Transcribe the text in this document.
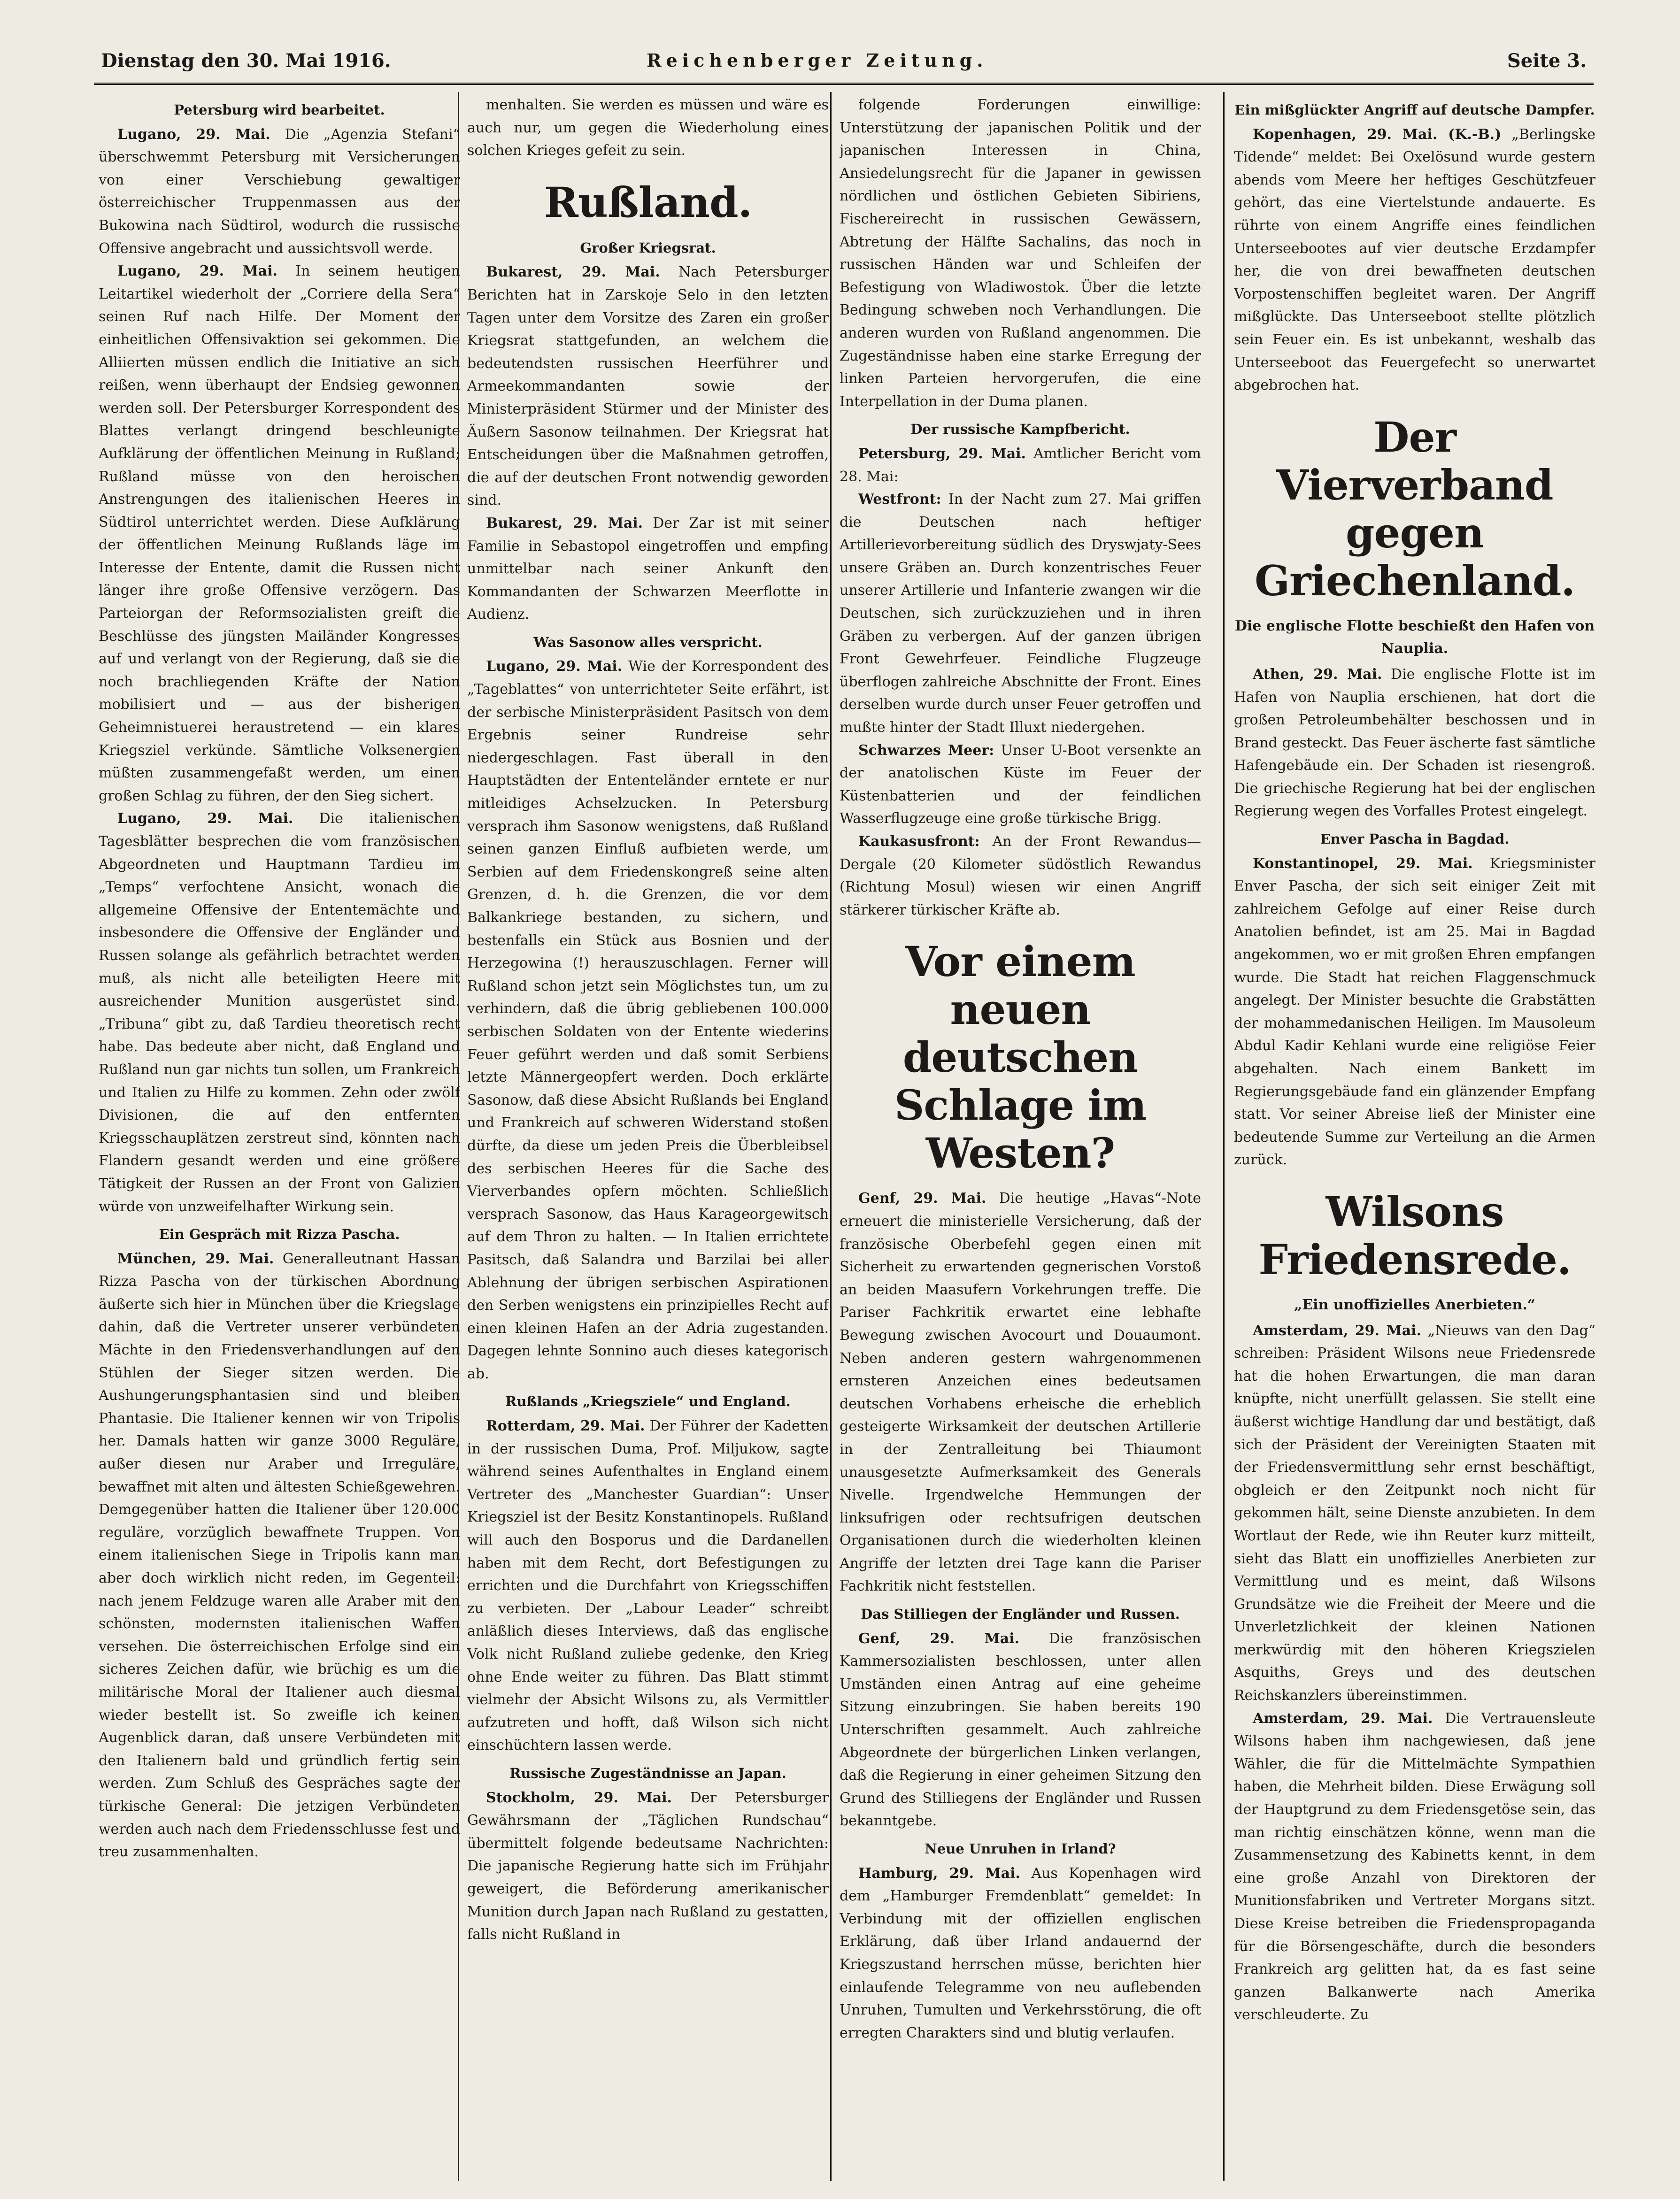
Dienstag den 30. Mai 1916.	Reichenberger Zeitung.	Seite 3.
Petersburg wird bearbeitet.

Lugano, 29. Mai. Die „Agenzia Stefani“ überschwemmt Petersburg mit Versicherungen von einer Verschiebung gewaltiger österreichischer Truppenmassen aus der Bukowina nach Südtirol, wodurch die russische Offensive angebracht und aussichtsvoll werde.

Lugano, 29. Mai. In seinem heutigen Leitartikel wiederholt der „Corriere della Sera“ seinen Ruf nach Hilfe. Der Moment der einheitlichen Offensivaktion sei gekommen. Die Alliierten müssen endlich die Initiative an sich reißen, wenn überhaupt der Endsieg gewonnen werden soll. Der Petersburger Korrespondent des Blattes verlangt dringend beschleunigte Aufklärung der öffentlichen Meinung in Rußland; Rußland müsse von den heroischen Anstrengungen des italienischen Heeres in Südtirol unterrichtet werden. Diese Aufklärung der öffentlichen Meinung Rußlands läge im Interesse der Entente, damit die Russen nicht länger ihre große Offensive verzögern. Das Parteiorgan der Reformsozialisten greift die Beschlüsse des jüngsten Mailänder Kongresses auf und verlangt von der Regierung, daß sie die noch brachliegenden Kräfte der Nation mobilisiert und — aus der bisherigen Geheimnistuerei heraustretend — ein klares Kriegsziel verkünde. Sämtliche Volksenergien müßten zusammengefaßt werden, um einen großen Schlag zu führen, der den Sieg sichert.

Lugano, 29. Mai. Die italienischen Tagesblätter besprechen die vom französischen Abgeordneten und Hauptmann Tardieu im „Temps“ verfochtene Ansicht, wonach die allgemeine Offensive der Ententemächte und insbesondere die Offensive der Engländer und Russen solange als gefährlich betrachtet werden muß, als nicht alle beteiligten Heere mit ausreichender Munition ausgerüstet sind. „Tribuna“ gibt zu, daß Tardieu theoretisch recht habe. Das bedeute aber nicht, daß England und Rußland nun gar nichts tun sollen, um Frankreich und Italien zu Hilfe zu kommen. Zehn oder zwölf Divisionen, die auf den entfernten Kriegsschauplätzen zerstreut sind, könnten nach Flandern gesandt werden und eine größere Tätigkeit der Russen an der Front von Galizien würde von unzweifelhafter Wirkung sein.

Ein Gespräch mit Rizza Pascha.

München, 29. Mai. Generalleutnant Hassan Rizza Pascha von der türkischen Abordnung äußerte sich hier in München über die Kriegslage dahin, daß die Vertreter unserer verbündeten Mächte in den Friedensverhandlungen auf den Stühlen der Sieger sitzen werden. Die Aushungerungsphantasien sind und bleiben Phantasie. Die Italiener kennen wir von Tripolis her. Damals hatten wir ganze 3000 Reguläre, außer diesen nur Araber und Irreguläre, bewaffnet mit alten und ältesten Schießgewehren. Demgegenüber hatten die Italiener über 120.000 reguläre, vorzüglich bewaffnete Truppen. Von einem italienischen Siege in Tripolis kann man aber doch wirklich nicht reden, im Gegenteil: nach jenem Feldzuge waren alle Araber mit den schönsten, modernsten italienischen Waffen versehen. Die österreichischen Erfolge sind ein sicheres Zeichen dafür, wie brüchig es um die militärische Moral der Italiener auch diesmal wieder bestellt ist. So zweifle ich keinen Augenblick daran, daß unsere Verbündeten mit den Italienern bald und gründlich fertig sein werden. Zum Schluß des Gespräches sagte der türkische General: Die jetzigen Verbündeten werden auch nach dem Friedensschlusse fest und treu zusammenhalten.

menhalten. Sie werden es müssen und wäre es auch nur, um gegen die Wiederholung eines solchen Krieges gefeit zu sein.

Rußland.
Großer Kriegsrat.

Bukarest, 29. Mai. Nach Petersburger Berichten hat in Zarskoje Selo in den letzten Tagen unter dem Vorsitze des Zaren ein großer Kriegsrat stattgefunden, an welchem die bedeutendsten russischen Heerführer und Armeekommandanten sowie der Ministerpräsident Stürmer und der Minister des Äußern Sasonow teilnahmen. Der Kriegsrat hat Entscheidungen über die Maßnahmen getroffen, die auf der deutschen Front notwendig geworden sind.

Bukarest, 29. Mai. Der Zar ist mit seiner Familie in Sebastopol eingetroffen und empfing unmittelbar nach seiner Ankunft den Kommandanten der Schwarzen Meerflotte in Audienz.

Was Sasonow alles verspricht.

Lugano, 29. Mai. Wie der Korrespondent des „Tageblattes“ von unterrichteter Seite erfährt, ist der serbische Ministerpräsident Pasitsch von dem Ergebnis seiner Rundreise sehr niedergeschlagen. Fast überall in den Hauptstädten der Ententeländer erntete er nur mitleidiges Achselzucken. In Petersburg versprach ihm Sasonow wenigstens, daß Rußland seinen ganzen Einfluß aufbieten werde, um Serbien auf dem Friedenskongreß seine alten Grenzen, d. h. die Grenzen, die vor dem Balkankriege bestanden, zu sichern, und bestenfalls ein Stück aus Bosnien und der Herzegowina (!) herauszuschlagen. Ferner will Rußland schon jetzt sein Möglichstes tun, um zu verhindern, daß die übrig gebliebenen 100.000 serbischen Soldaten von der Entente wiederins Feuer geführt werden und daß somit Serbiens letzte Männergeopfert werden. Doch erklärte Sasonow, daß diese Absicht Rußlands bei England und Frankreich auf schweren Widerstand stoßen dürfte, da diese um jeden Preis die Überbleibsel des serbischen Heeres für die Sache des Vierverbandes opfern möchten. Schließlich versprach Sasonow, das Haus Karageorgewitsch auf dem Thron zu halten. — In Italien errichtete Pasitsch, daß Salandra und Barzilai bei aller Ablehnung der übrigen serbischen Aspirationen den Serben wenigstens ein prinzipielles Recht auf einen kleinen Hafen an der Adria zugestanden. Dagegen lehnte Sonnino auch dieses kategorisch ab.

Rußlands „Kriegsziele“ und England.

Rotterdam, 29. Mai. Der Führer der Kadetten in der russischen Duma, Prof. Miljukow, sagte während seines Aufenthaltes in England einem Vertreter des „Manchester Guardian“: Unser Kriegsziel ist der Besitz Konstantinopels. Rußland will auch den Bosporus und die Dardanellen haben mit dem Recht, dort Befestigungen zu errichten und die Durchfahrt von Kriegsschiffen zu verbieten. Der „Labour Leader“ schreibt anläßlich dieses Interviews, daß das englische Volk nicht Rußland zuliebe gedenke, den Krieg ohne Ende weiter zu führen. Das Blatt stimmt vielmehr der Absicht Wilsons zu, als Vermittler aufzutreten und hofft, daß Wilson sich nicht einschüchtern lassen werde.

Russische Zugeständnisse an Japan.

Stockholm, 29. Mai. Der Petersburger Gewährsmann der „Täglichen Rundschau“ übermittelt folgende bedeutsame Nachrichten: Die japanische Regierung hatte sich im Frühjahr geweigert, die Beförderung amerikanischer Munition durch Japan nach Rußland zu gestatten, falls nicht Rußland in

folgende Forderungen einwillige: Unterstützung der japanischen Politik und der japanischen Interessen in China, Ansiedelungsrecht für die Japaner in gewissen nördlichen und östlichen Gebieten Sibiriens, Fischereirecht in russischen Gewässern, Abtretung der Hälfte Sachalins, das noch in russischen Händen war und Schleifen der Befestigung von Wladiwostok. Über die letzte Bedingung schweben noch Verhandlungen. Die anderen wurden von Rußland angenommen. Die Zugeständnisse haben eine starke Erregung der linken Parteien hervorgerufen, die eine Interpellation in der Duma planen.

Der russische Kampfbericht.

Petersburg, 29. Mai. Amtlicher Bericht vom 28. Mai:

Westfront: In der Nacht zum 27. Mai griffen die Deutschen nach heftiger Artillerievorbereitung südlich des Dryswjaty-Sees unsere Gräben an. Durch konzentrisches Feuer unserer Artillerie und Infanterie zwangen wir die Deutschen, sich zurückzuziehen und in ihren Gräben zu verbergen. Auf der ganzen übrigen Front Gewehrfeuer. Feindliche Flugzeuge überflogen zahlreiche Abschnitte der Front. Eines derselben wurde durch unser Feuer getroffen und mußte hinter der Stadt Illuxt niedergehen.

Schwarzes Meer: Unser U-Boot versenkte an der anatolischen Küste im Feuer der Küstenbatterien und der feindlichen Wasserflugzeuge eine große türkische Brigg.

Kaukasusfront: An der Front Rewandus—Dergale (20 Kilometer südöstlich Rewandus (Richtung Mosul) wiesen wir einen Angriff stärkerer türkischer Kräfte ab.

Vor einem neuen deutschen Schlage im Westen?

Genf, 29. Mai. Die heutige „Havas“-Note erneuert die ministerielle Versicherung, daß der französische Oberbefehl gegen einen mit Sicherheit zu erwartenden gegnerischen Vorstoß an beiden Maasufern Vorkehrungen treffe. Die Pariser Fachkritik erwartet eine lebhafte Bewegung zwischen Avocourt und Douaumont. Neben anderen gestern wahrgenommenen ernsteren Anzeichen eines bedeutsamen deutschen Vorhabens erheische die erheblich gesteigerte Wirksamkeit der deutschen Artillerie in der Zentralleitung bei Thiaumont unausgesetzte Aufmerksamkeit des Generals Nivelle. Irgendwelche Hemmungen der linksufrigen oder rechtsufrigen deutschen Organisationen durch die wiederholten kleinen Angriffe der letzten drei Tage kann die Pariser Fachkritik nicht feststellen.

Das Stilliegen der Engländer und Russen.

Genf, 29. Mai. Die französischen Kammersozialisten beschlossen, unter allen Umständen einen Antrag auf eine geheime Sitzung einzubringen. Sie haben bereits 190 Unterschriften gesammelt. Auch zahlreiche Abgeordnete der bürgerlichen Linken verlangen, daß die Regierung in einer geheimen Sitzung den Grund des Stilliegens der Engländer und Russen bekanntgebe.

Neue Unruhen in Irland?

Hamburg, 29. Mai. Aus Kopenhagen wird dem „Hamburger Fremdenblatt“ gemeldet: In Verbindung mit der offiziellen englischen Erklärung, daß über Irland andauernd der Kriegszustand herrschen müsse, berichten hier einlaufende Telegramme von neu auflebenden Unruhen, Tumulten und Verkehrsstörung, die oft erregten Charakters sind und blutig verlaufen.

Ein mißglückter Angriff auf deutsche Dampfer.

Kopenhagen, 29. Mai. (K.-B.) „Berlingske Tidende“ meldet: Bei Oxelösund wurde gestern abends vom Meere her heftiges Geschützfeuer gehört, das eine Viertelstunde andauerte. Es rührte von einem Angriffe eines feindlichen Unterseebootes auf vier deutsche Erzdampfer her, die von drei bewaffneten deutschen Vorpostenschiffen begleitet waren. Der Angriff mißglückte. Das Unterseeboot stellte plötzlich sein Feuer ein. Es ist unbekannt, weshalb das Unterseeboot das Feuergefecht so unerwartet abgebrochen hat.

Der Vierverband gegen Griechenland.
Die englische Flotte beschießt den Hafen von Nauplia.

Athen, 29. Mai. Die englische Flotte ist im Hafen von Nauplia erschienen, hat dort die großen Petroleumbehälter beschossen und in Brand gesteckt. Das Feuer äscherte fast sämtliche Hafengebäude ein. Der Schaden ist riesengroß. Die griechische Regierung hat bei der englischen Regierung wegen des Vorfalles Protest eingelegt.

Enver Pascha in Bagdad.

Konstantinopel, 29. Mai. Kriegsminister Enver Pascha, der sich seit einiger Zeit mit zahlreichem Gefolge auf einer Reise durch Anatolien befindet, ist am 25. Mai in Bagdad angekommen, wo er mit großen Ehren empfangen wurde. Die Stadt hat reichen Flaggenschmuck angelegt. Der Minister besuchte die Grabstätten der mohammedanischen Heiligen. Im Mausoleum Abdul Kadir Kehlani wurde eine religiöse Feier abgehalten. Nach einem Bankett im Regierungsgebäude fand ein glänzender Empfang statt. Vor seiner Abreise ließ der Minister eine bedeutende Summe zur Verteilung an die Armen zurück.

Wilsons Friedensrede.
„Ein unoffizielles Anerbieten.“

Amsterdam, 29. Mai. „Nieuws van den Dag“ schreiben: Präsident Wilsons neue Friedensrede hat die hohen Erwartungen, die man daran knüpfte, nicht unerfüllt gelassen. Sie stellt eine äußerst wichtige Handlung dar und bestätigt, daß sich der Präsident der Vereinigten Staaten mit der Friedensvermittlung sehr ernst beschäftigt, obgleich er den Zeitpunkt noch nicht für gekommen hält, seine Dienste anzubieten. In dem Wortlaut der Rede, wie ihn Reuter kurz mitteilt, sieht das Blatt ein unoffizielles Anerbieten zur Vermittlung und es meint, daß Wilsons Grundsätze wie die Freiheit der Meere und die Unverletzlichkeit der kleinen Nationen merkwürdig mit den höheren Kriegszielen Asquiths, Greys und des deutschen Reichskanzlers übereinstimmen.

Amsterdam, 29. Mai. Die Vertrauensleute Wilsons haben ihm nachgewiesen, daß jene Wähler, die für die Mittelmächte Sympathien haben, die Mehrheit bilden. Diese Erwägung soll der Hauptgrund zu dem Friedensgetöse sein, das man richtig einschätzen könne, wenn man die Zusammensetzung des Kabinetts kennt, in dem eine große Anzahl von Direktoren der Munitionsfabriken und Vertreter Morgans sitzt. Diese Kreise betreiben die Friedenspropaganda für die Börsengeschäfte, durch die besonders Frankreich arg gelitten hat, da es fast seine ganzen Balkanwerte nach Amerika verschleuderte. Zu
